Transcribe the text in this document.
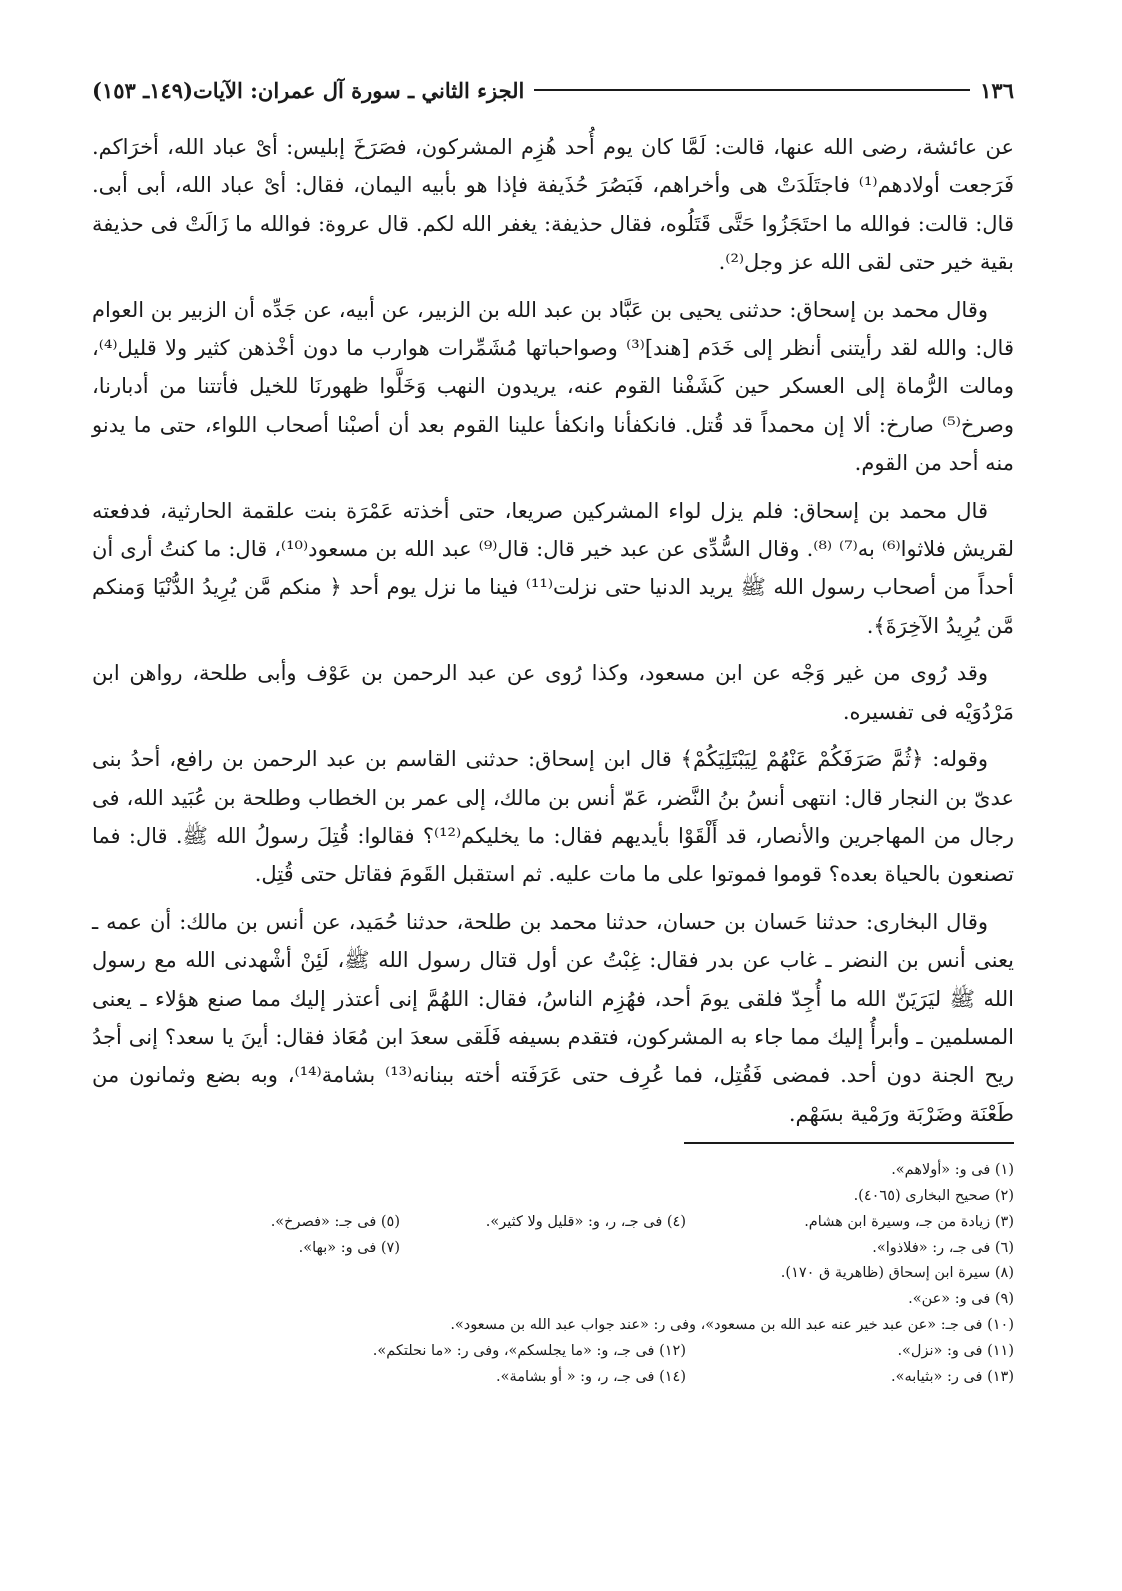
١٣٦
الجزء الثاني ـ سورة آل عمران: الآيات(١٤٩ـ ١٥٣)

عن عائشة، رضى الله عنها، قالت: لَمَّا كان يوم أُحد هُزِم المشركون، فصَرَخَ إبليس: أىْ عباد الله، أخرَاكم. فَرَجعت أولادهم⁽¹⁾ فاجتَلَدَتْ هى وأخراهم، فَبَصُرَ حُذَيفة فإذا هو بأبيه اليمان، فقال: أىْ عباد الله، أبى أبى. قال: قالت: فوالله ما احتَجَزُوا حَتَّى قَتَلُوه، فقال حذيفة: يغفر الله لكم. قال عروة: فوالله ما زَالَتْ فى حذيفة بقية خير حتى لقى الله عز وجل⁽²⁾.

وقال محمد بن إسحاق: حدثنى يحيى بن عَبَّاد بن عبد الله بن الزبير، عن أبيه، عن جَدِّه أن الزبير بن العوام قال: والله لقد رأيتنى أنظر إلى خَدَم [هند]⁽³⁾ وصواحباتها مُشَمِّرات هوارب ما دون أخْذهن كثير ولا قليل⁽⁴⁾، ومالت الرُّماة إلى العسكر حين كَشَفْنا القوم عنه، يريدون النهب وَخَلَّوا ظهورنَا للخيل فأتتنا من أدبارنا، وصرخ⁽⁵⁾ صارخ: ألا إن محمداً قد قُتل. فانكفأنا وانكفأ علينا القوم بعد أن أصبْنا أصحاب اللواء، حتى ما يدنو منه أحد من القوم.

قال محمد بن إسحاق: فلم يزل لواء المشركين صريعا، حتى أخذته عَمْرَة بنت علقمة الحارثية، فدفعته لقريش فلاثوا⁽⁶⁾ به⁽⁷⁾ ⁽⁸⁾. وقال السُّدِّى عن عبد خير قال: قال⁽⁹⁾ عبد الله بن مسعود⁽¹⁰⁾، قال: ما كنتُ أرى أن أحداً من أصحاب رسول الله ﷺ يريد الدنيا حتى نزلت⁽¹¹⁾ فينا ما نزل يوم أحد ﴿ منكم مَّن يُرِيدُ الدُّنْيَا وَمنكم مَّن يُرِيدُ الآخِرَةَ﴾.

وقد رُوى من غير وَجْه عن ابن مسعود، وكذا رُوى عن عبد الرحمن بن عَوْف وأبى طلحة، رواهن ابن مَرْدُوَيْه فى تفسيره.

وقوله: ﴿ثُمَّ صَرَفَكُمْ عَنْهُمْ لِيَبْتَلِيَكُمْ﴾ قال ابن إسحاق: حدثنى القاسم بن عبد الرحمن بن رافع، أحدُ بنى عدىّ بن النجار قال: انتهى أنسُ بنُ النَّضر، عَمّ أنس بن مالك، إلى عمر بن الخطاب وطلحة بن عُبَيد الله، فى رجال من المهاجرين والأنصار، قد أَلْقَوْا بأيديهم فقال: ما يخليكم⁽¹²⁾؟ فقالوا: قُتِلَ رسولُ الله ﷺ. قال: فما تصنعون بالحياة بعده؟ قوموا فموتوا على ما مات عليه. ثم استقبل القَومَ فقاتل حتى قُتِل.

وقال البخارى: حدثنا حَسان بن حسان، حدثنا محمد بن طلحة، حدثنا حُمَيد، عن أنس بن مالك: أن عمه ـ يعنى أنس بن النضر ـ غاب عن بدر فقال: غِبْتُ عن أول قتال رسول الله ﷺ، لَئِنْ أشْهدنى الله مع رسول الله ﷺ ليَرَيَنّ الله ما أُجِدّ فلقى يومَ أحد، فهُزِم الناسُ، فقال: اللهُمَّ إنى أعتذر إليك مما صنع هؤلاء ـ يعنى المسلمين ـ وأبرأُ إليك مما جاء به المشركون، فتقدم بسيفه فَلَقى سعدَ ابن مُعَاذ فقال: أينَ يا سعد؟ إنى أجدُ ريح الجنة دون أحد. فمضى فَقُتِل، فما عُرِف حتى عَرَفَته أخته ببنانه⁽¹³⁾ بشامة⁽¹⁴⁾، وبه بضع وثمانون من طَعْنَة وضَرْبَة ورَمْية بسَهْم.

(١) فى و: «أولاهم».
(٢) صحيح البخارى (٤٠٦٥).
(٣) زيادة من جـ، وسيرة ابن هشام.
(٤) فى جـ، ر، و: «قليل ولا كثير».
(٥) فى جـ: «فصرخ».
(٦) فى جـ، ر: «فلاذوا».
(٧) فى و: «بها».
(٨) سيرة ابن إسحاق (ظاهرية ق ١٧٠).
(٩) فى و: «عن».
(١٠) فى جـ: «عن عبد خير عنه عبد الله بن مسعود»، وفى ر: «عند جواب عبد الله بن مسعود».
(١١) فى و: «نزل».
(١٢) فى جـ، و: «ما يجلسكم»، وفى ر: «ما نحلتكم».
(١٣) فى ر: «بثيابه».
(١٤) فى جـ، ر، و: « أو بشامة».
